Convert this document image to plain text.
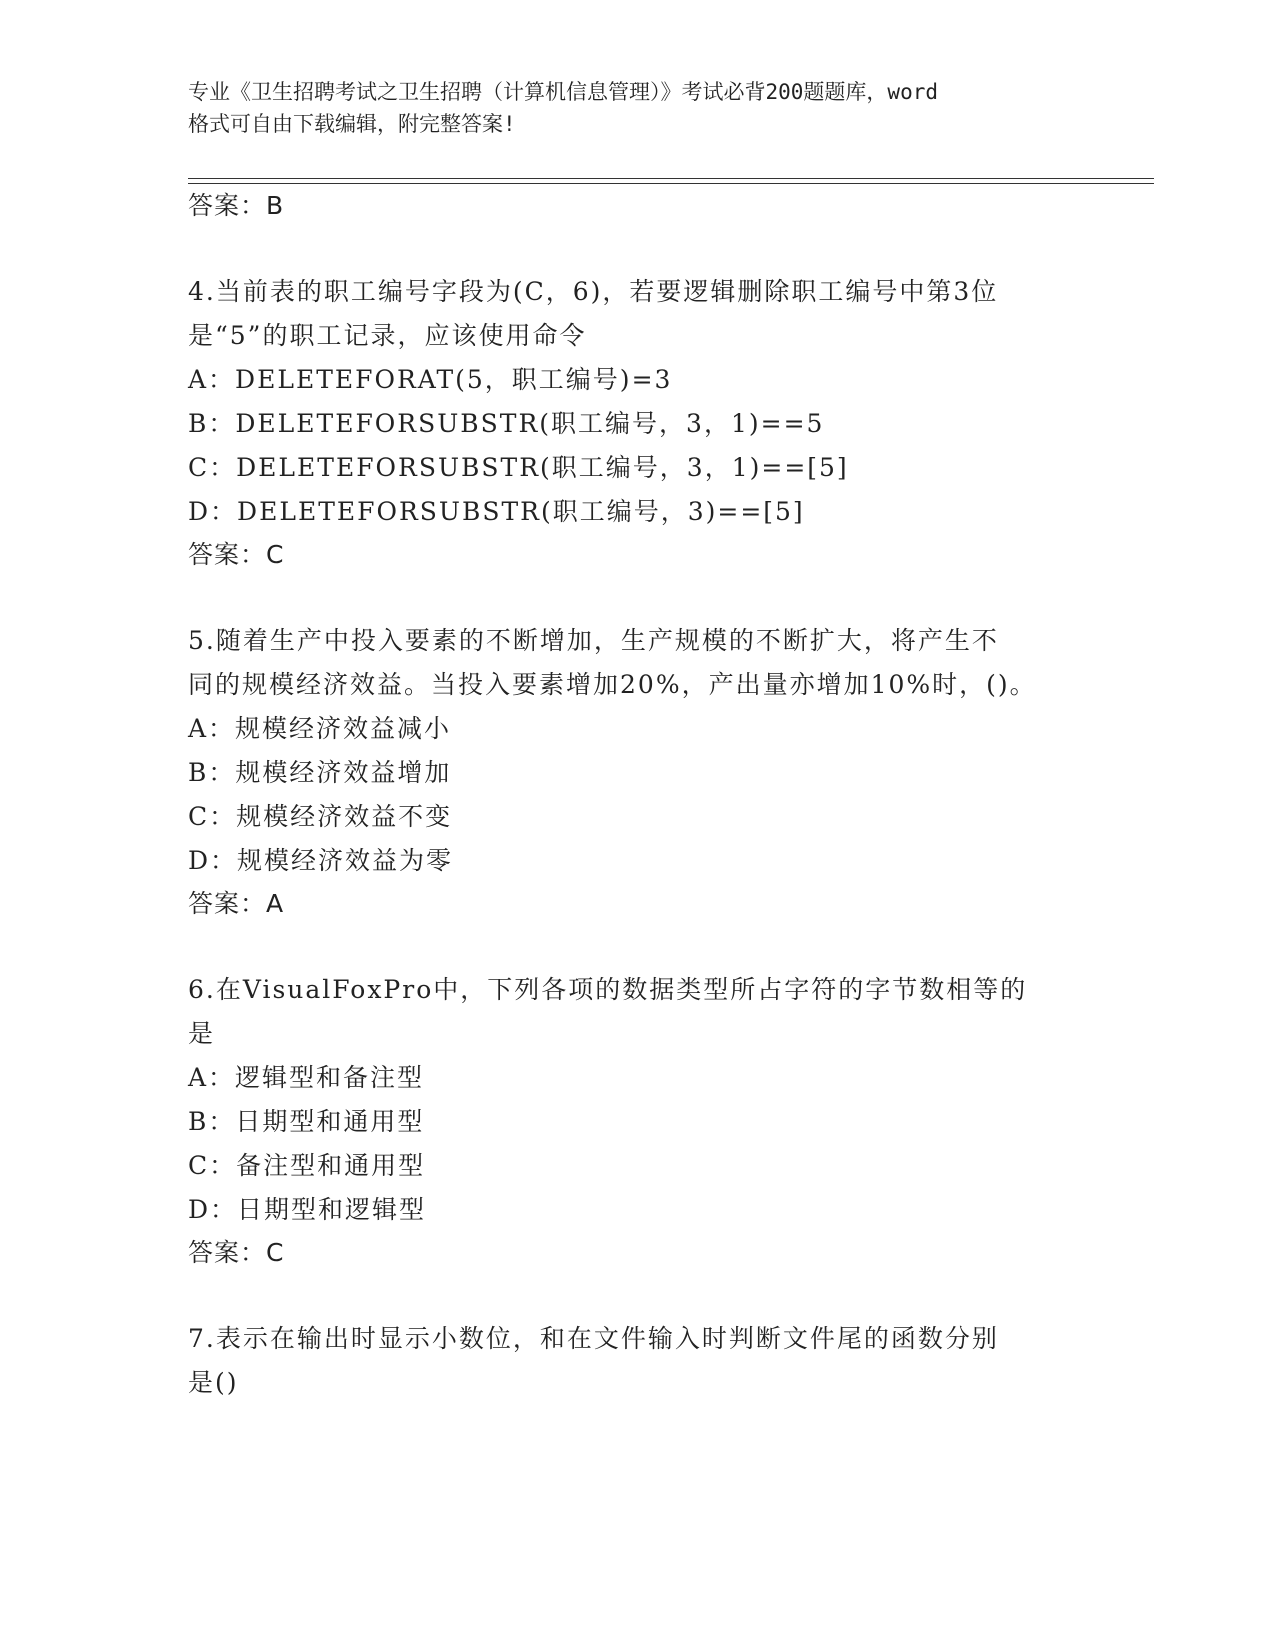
专业《卫生招聘考试之卫生招聘（计算机信息管理）》考试必背200题题库，word
格式可自由下载编辑，附完整答案!
答案：B
4.当前表的职工编号字段为(C，6)，若要逻辑删除职工编号中第3位
是“5”的职工记录，应该使用命令
A：DELETEFORAT(5，职工编号)=3
B：DELETEFORSUBSTR(职工编号，3，1)==5
C：DELETEFORSUBSTR(职工编号，3，1)==[5]
D：DELETEFORSUBSTR(职工编号，3)==[5]
答案：C
5.随着生产中投入要素的不断增加，生产规模的不断扩大，将产生不
同的规模经济效益。当投入要素增加20%，产出量亦增加10%时，()。
A：规模经济效益减小
B：规模经济效益增加
C：规模经济效益不变
D：规模经济效益为零
答案：A
6.在VisualFoxPro中，下列各项的数据类型所占字符的字节数相等的
是
A：逻辑型和备注型
B：日期型和通用型
C：备注型和通用型
D：日期型和逻辑型
答案：C
7.表示在输出时显示小数位，和在文件输入时判断文件尾的函数分别
是()
